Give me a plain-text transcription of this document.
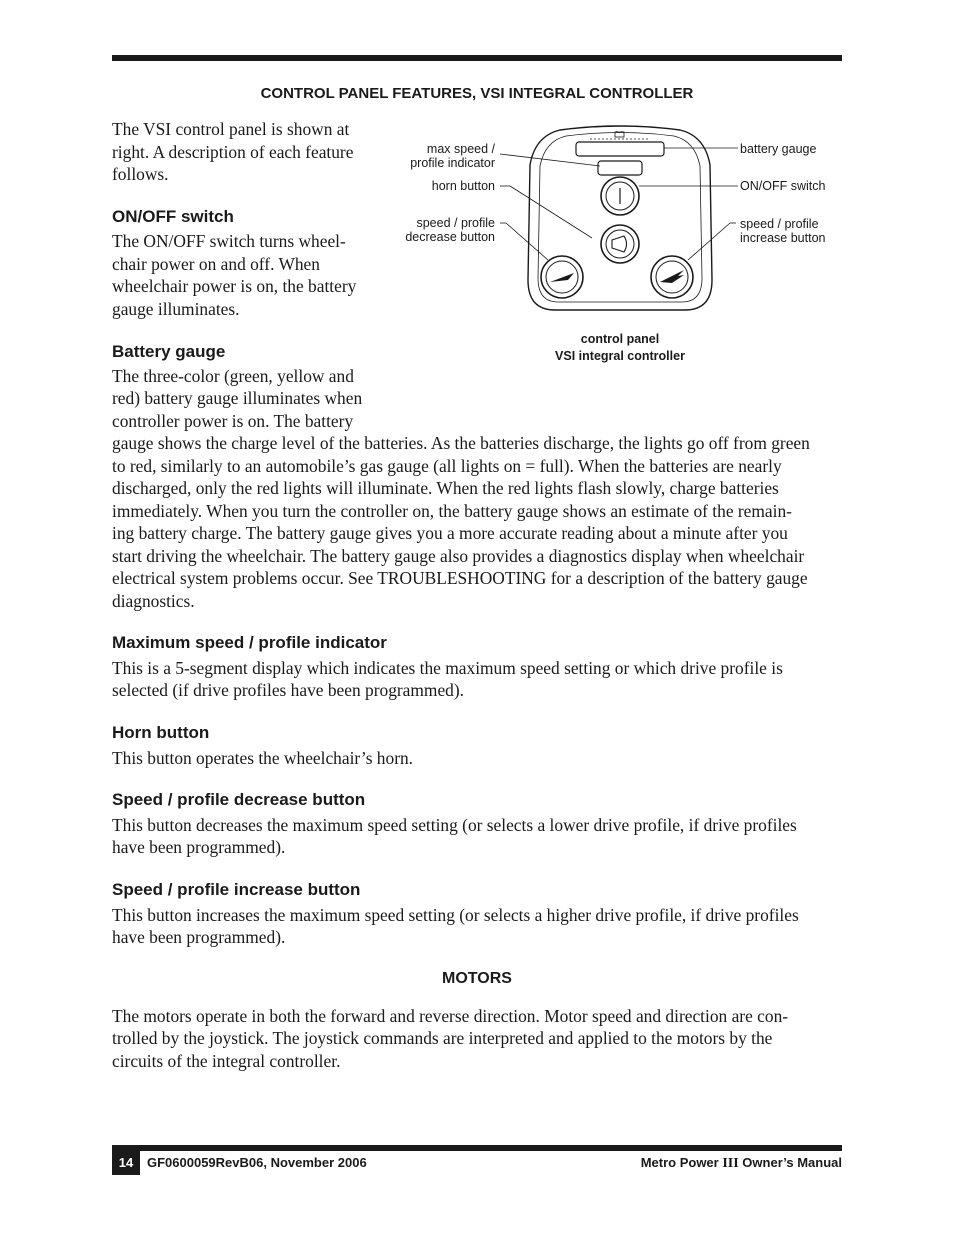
CONTROL PANEL FEATURES, VSI INTEGRAL CONTROLLER
The VSI control panel is shown at
right. A description of each feature
follows.
ON/OFF switch
The ON/OFF switch turns wheel-
chair power on and off. When
wheelchair power is on, the battery
gauge illuminates.
Battery gauge
The three-color (green, yellow and
red) battery gauge illuminates when
controller power is on. The battery
gauge shows the charge level of the batteries. As the batteries discharge, the lights go off from green
to red, similarly to an automobile’s gas gauge (all lights on = full). When the batteries are nearly
discharged, only the red lights will illuminate. When the red lights flash slowly, charge batteries
immediately. When you turn the controller on, the battery gauge shows an estimate of the remain-
ing battery charge. The battery gauge gives you a more accurate reading about a minute after you
start driving the wheelchair. The battery gauge also provides a diagnostics display when wheelchair
electrical system problems occur. See TROUBLESHOOTING for a description of the battery gauge
diagnostics.
Maximum speed / profile indicator
This is a 5-segment display which indicates the maximum speed setting or which drive profile is
selected (if drive profiles have been programmed).
Horn button
This button operates the wheelchair’s horn.
Speed / profile decrease button
This button decreases the maximum speed setting (or selects a lower drive profile, if drive profiles
have been programmed).
Speed / profile increase button
This button increases the maximum speed setting (or selects a higher drive profile, if drive profiles
have been programmed).
MOTORS
The motors operate in both the forward and reverse direction. Motor speed and direction are con-
trolled by the joystick. The joystick commands are interpreted and applied to the motors by the
circuits of the integral controller.
max speed /
profile indicator
horn button
speed / profile
decrease button
battery gauge
ON/OFF switch
speed / profile
increase button
control panel
VSI integral controller
14	GF0600059RevB06, November 2006	Metro Power III Owner’s Manual
